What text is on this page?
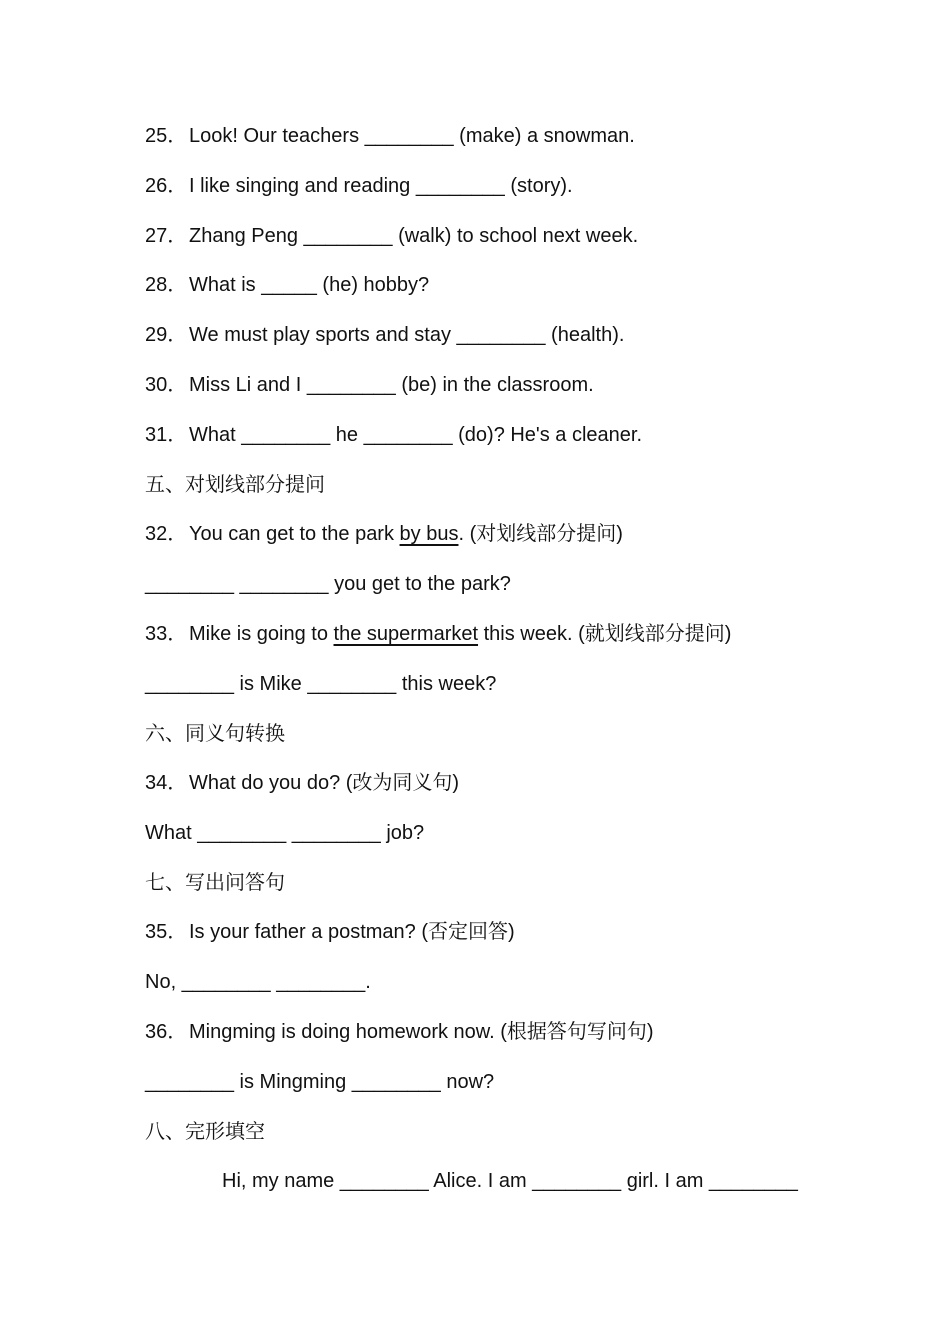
25．Look! Our teachers ________ (make) a snowman.
26．I like singing and reading ________ (story).
27．Zhang Peng ________ (walk) to school next week.
28．What is _____ (he) hobby?
29．We must play sports and stay ________ (health).
30．Miss Li and I ________ (be) in the classroom.
31．What ________ he ________ (do)? He's a cleaner.
五、对划线部分提问
32．You can get to the park by bus. (对划线部分提问)
________ ________ you get to the park?
33．Mike is going to the supermarket this week. (就划线部分提问)
________ is Mike ________ this week?
六、同义句转换
34．What do you do? (改为同义句)
What ________ ________ job?
七、写出问答句
35．Is your father a postman? (否定回答)
No, ________ ________.
36．Mingming is doing homework now. (根据答句写问句)
________ is Mingming ________ now?
八、完形填空
Hi, my name ________ Alice. I am ________ girl. I am ________
